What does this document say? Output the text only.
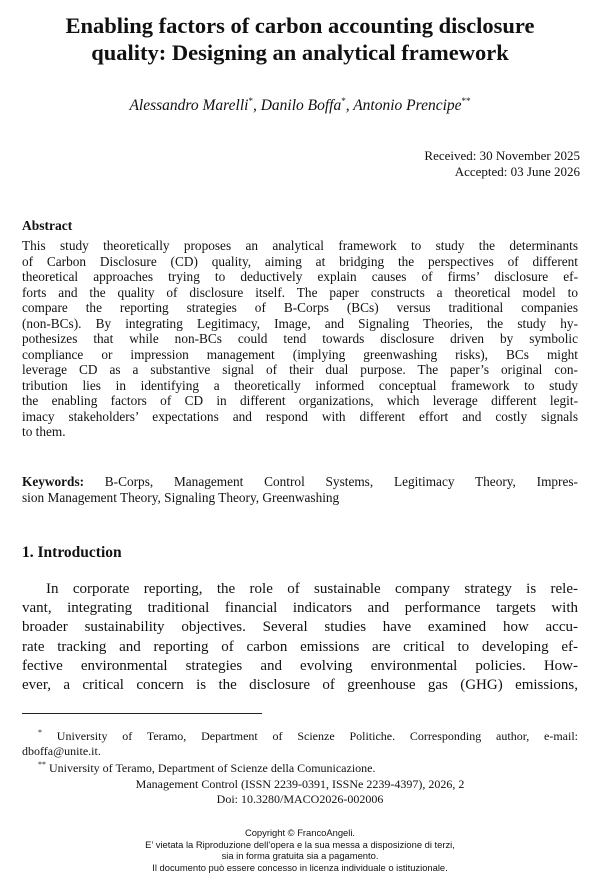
Enabling factors of carbon accounting disclosure
quality: Designing an analytical framework
Alessandro Marelli*, Danilo Boffa*, Antonio Prencipe**
Received: 30 November 2025
Accepted: 03 June 2026
Abstract
This study theoretically proposes an analytical framework to study the determinants
of Carbon Disclosure (CD) quality, aiming at bridging the perspectives of different
theoretical approaches trying to deductively explain causes of firms’ disclosure ef-
forts and the quality of disclosure itself. The paper constructs a theoretical model to
compare the reporting strategies of B-Corps (BCs) versus traditional companies
(non-BCs). By integrating Legitimacy, Image, and Signaling Theories, the study hy-
pothesizes that while non-BCs could tend towards disclosure driven by symbolic
compliance or impression management (implying greenwashing risks), BCs might
leverage CD as a substantive signal of their dual purpose. The paper’s original con-
tribution lies in identifying a theoretically informed conceptual framework to study
the enabling factors of CD in different organizations, which leverage different legit-
imacy stakeholders’ expectations and respond with different effort and costly signals
to them.
Keywords: B-Corps, Management Control Systems, Legitimacy Theory, Impres-
sion Management Theory, Signaling Theory, Greenwashing
1. Introduction
In corporate reporting, the role of sustainable company strategy is rele-
vant, integrating traditional financial indicators and performance targets with
broader sustainability objectives. Several studies have examined how accu-
rate tracking and reporting of carbon emissions are critical to developing ef-
fective environmental strategies and evolving environmental policies. How-
ever, a critical concern is the disclosure of greenhouse gas (GHG) emissions,
* University of Teramo, Department of Scienze Politiche. Corresponding author, e-mail:
dboffa@unite.it.
** University of Teramo, Department of Scienze della Comunicazione.
Management Control (ISSN 2239-0391, ISSNe 2239-4397), 2026, 2
Doi: 10.3280/MACO2026-002006
Copyright © FrancoAngeli.
E’ vietata la Riproduzione dell’opera e la sua messa a disposizione di terzi,
sia in forma gratuita sia a pagamento.
Il documento può essere concesso in licenza individuale o istituzionale.
